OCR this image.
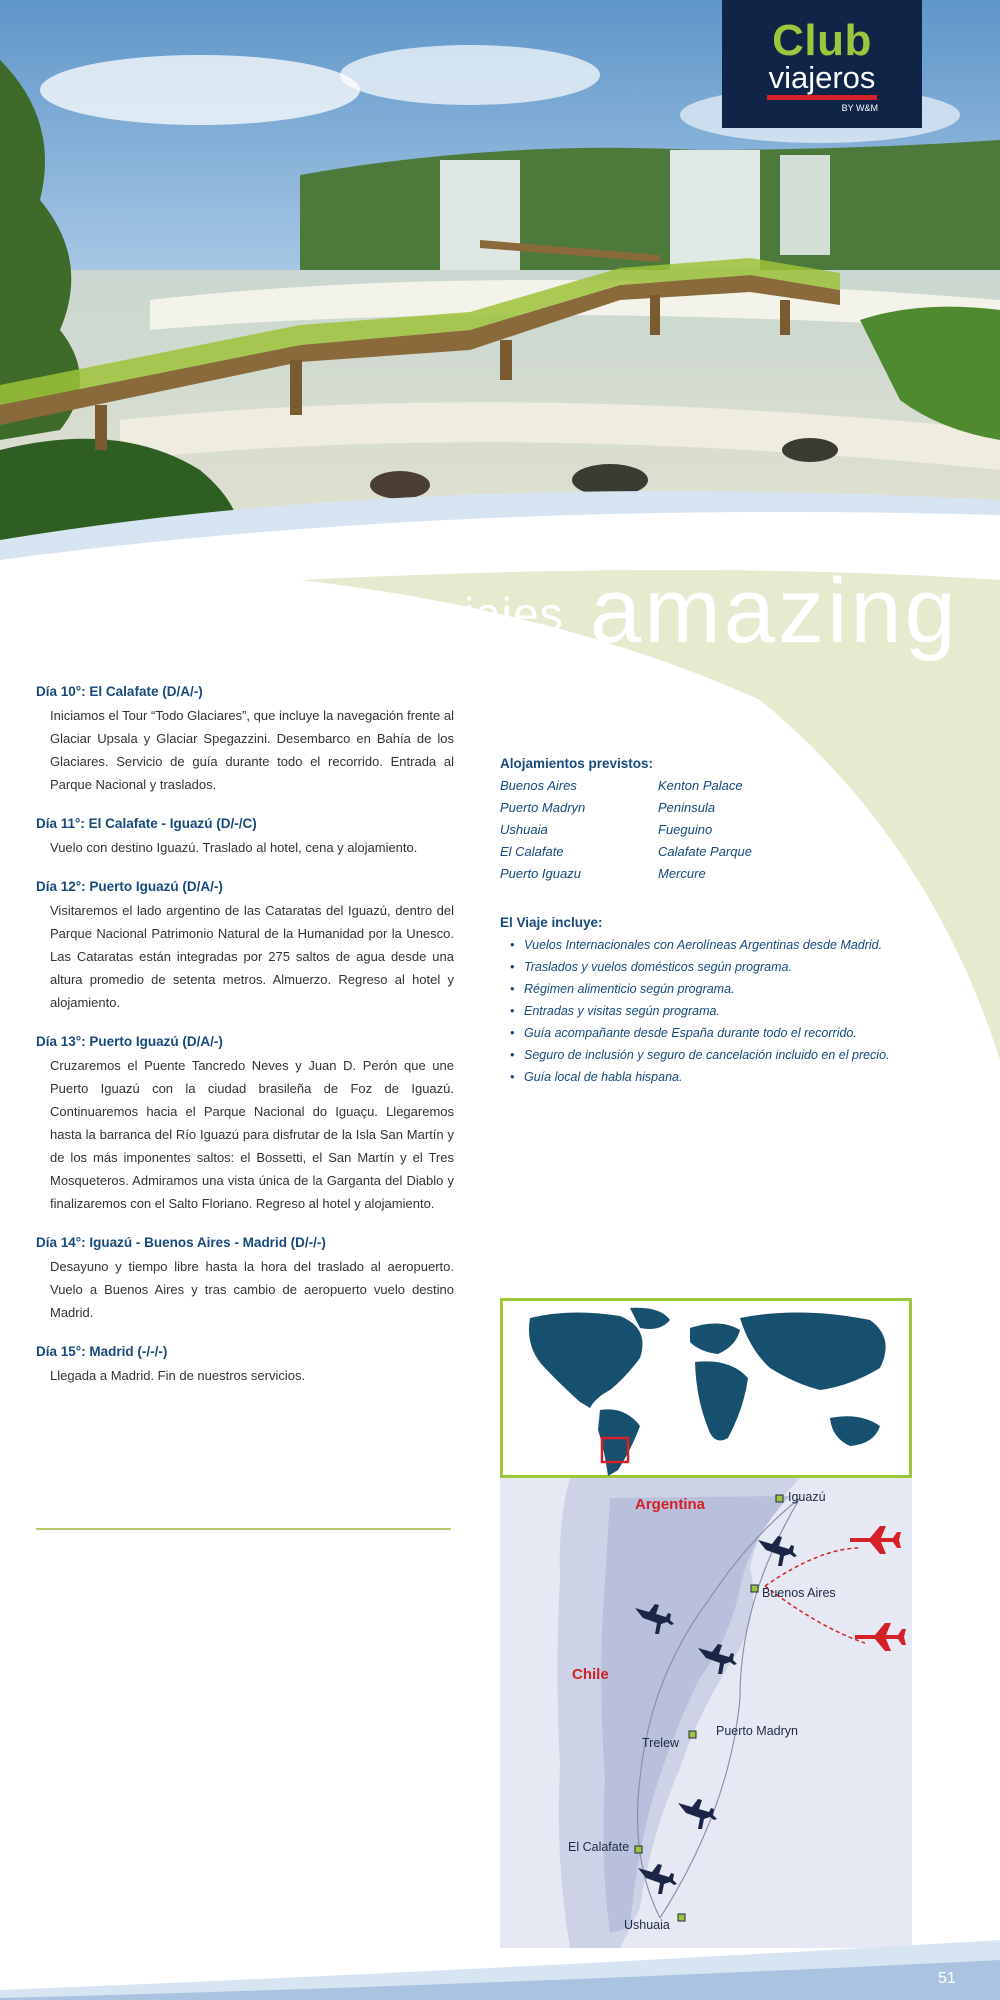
Club
viajeros
BY W&M
viajes amazing
Día 10°: El Calafate (D/A/-)
Iniciamos el Tour “Todo Glaciares”, que incluye la navegación frente al Glaciar Upsala y Glaciar Spegazzini. Desembarco en Bahía de los Glaciares. Servicio de guía durante todo el recorrido. Entrada al Parque Nacional y traslados.
Día 11°: El Calafate - Iguazú (D/-/C)
Vuelo con destino Iguazú. Traslado al hotel, cena y alojamiento.
Día 12°: Puerto Iguazú (D/A/-)
Visitaremos el lado argentino de las Cataratas del Iguazú, dentro del Parque Nacional Patrimonio Natural de la Humanidad por la Unesco. Las Cataratas están integradas por 275 saltos de agua desde una altura promedio de setenta metros. Almuerzo. Regreso al hotel y alojamiento.
Día 13°: Puerto Iguazú (D/A/-)
Cruzaremos el Puente Tancredo Neves y Juan D. Perón que une Puerto Iguazú con la ciudad brasileña de Foz de Iguazú. Continuaremos hacia el Parque Nacional do Iguaçu. Llegaremos hasta la barranca del Río Iguazú para disfrutar de la Isla San Martín y de los más imponentes saltos: el Bossetti, el San Martín y el Tres Mosqueteros. Admiramos una vista única de la Garganta del Diablo y finalizaremos con el Salto Floriano. Regreso al hotel y alojamiento.
Día 14°: Iguazú - Buenos Aires - Madrid (D/-/-)
Desayuno y tiempo libre hasta la hora del traslado al aeropuerto. Vuelo a Buenos Aires y tras cambio de aeropuerto vuelo destino Madrid.
Día 15°: Madrid (-/-/-)
Llegada a Madrid. Fin de nuestros servicios.
Alojamientos previstos:
Buenos Aires	Kenton Palace
Puerto Madryn	Peninsula
Ushuaia	Fueguino
El Calafate	Calafate Parque
Puerto Iguazu	Mercure
El Viaje incluye:
• Vuelos Internacionales con Aerolíneas Argentinas desde Madrid.
• Traslados y vuelos domésticos según programa.
• Régimen alimenticio según programa.
• Entradas y visitas según programa.
• Guía acompañante desde España durante todo el recorrido.
• Seguro de inclusión y seguro de cancelación incluido en el precio.
• Guía local de habla hispana.
Argentina
Chile
Iguazú
Buenos Aires
Trelew
Puerto Madryn
El Calafate
Ushuaia
51
